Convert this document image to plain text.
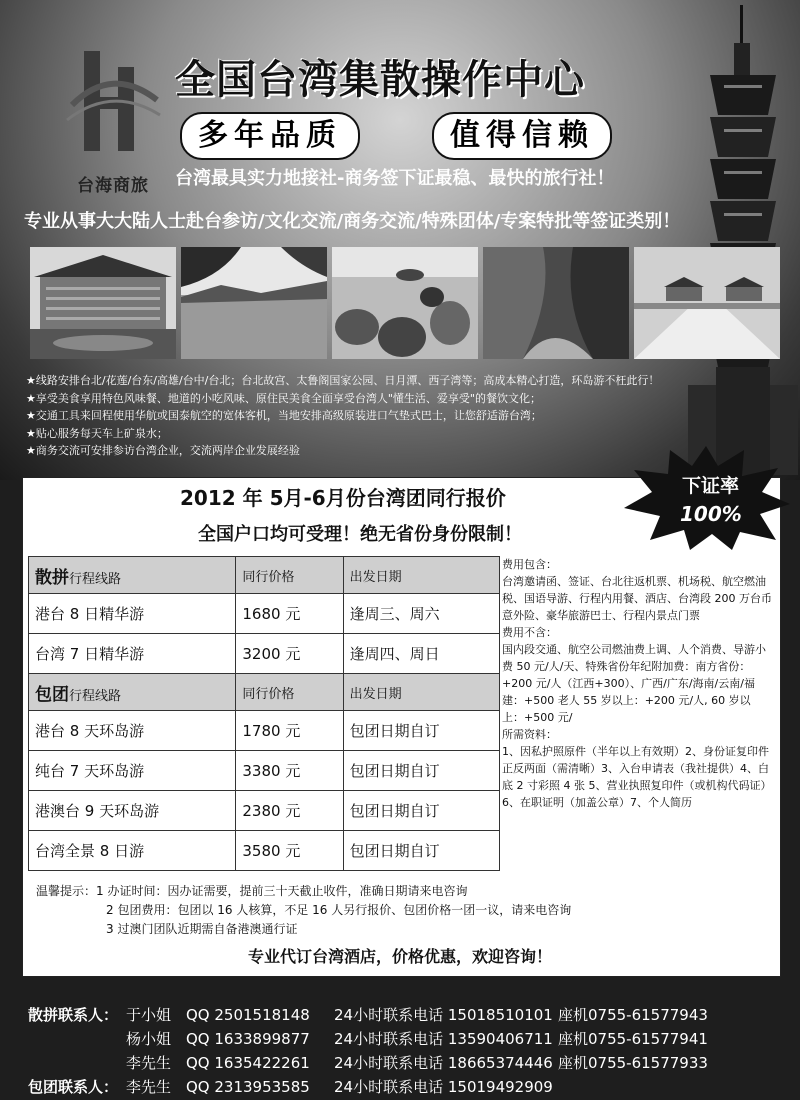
台海商旅
全国台湾集散操作中心
多年品质	值得信赖
台湾最具实力地接社-商务签下证最稳、最快的旅行社！
专业从事大大陆人士赴台参访/文化交流/商务交流/特殊团体/专案特批等签证类别！
★线路安排台北/花莲/台东/高雄/台中/台北；台北故宫、太鲁阁国家公园、日月潭、西子湾等；高成本精心打造，环岛游不枉此行！
★享受美食享用特色风味餐、地道的小吃风味、原住民美食全面享受台湾人"懂生活、爱享受"的餐饮文化；
★交通工具来回程使用华航或国泰航空的宽体客机，当地安排高级原装进口气垫式巴士，让您舒适游台湾；
★贴心服务每天车上矿泉水；
★商务交流可安排参访台湾企业，交流两岸企业发展经验
下证率
100%
2012 年 5月-6月份台湾团同行报价
全国户口均可受理！绝无省份身份限制！
散拼行程线路	同行价格	出发日期
港台 8 日精华游	1680 元	逢周三、周六
台湾 7 日精华游	3200 元	逢周四、周日
包团行程线路	同行价格	出发日期
港台 8 天环岛游	1780 元	包团日期自订
纯台 7 天环岛游	3380 元	包团日期自订
港澳台 9 天环岛游	2380 元	包团日期自订
台湾全景 8 日游	3580 元	包团日期自订

费用包含：

台湾邀请函、签证、台北往返机票、机场税、航空燃油税、国语导游、行程内用餐、酒店、台湾段 200 万台币意外险、豪华旅游巴士、行程内景点门票

费用不含：

国内段交通、航空公司燃油费上调、人个消费、导游小费 50 元/人/天、特殊省份年纪附加费：南方省份：+200 元/人（江西+300）、广西/广东/海南/云南/福建：+500 老人 55 岁以上：+200 元/人, 60 岁以上：+500 元/

所需资料：

1、因私护照原件（半年以上有效期）2、身份证复印件正反两面（需清晰）3、入台申请表（我社提供）4、白底 2 寸彩照 4 张 5、营业执照复印件（或机构代码证）6、在职证明（加盖公章）7、个人简历

温馨提示：1 办证时间：因办证需要，提前三十天截止收件，准确日期请来电咨询
2 包团费用：包团以 16 人核算，不足 16 人另行报价、包团价格一团一议，请来电咨询
3 过澳门团队近期需自备港澳通行证
专业代订台湾酒店，价格优惠，欢迎咨询！
散拼联系人： 于小姐 QQ 2501518148 24小时联系电话 15018510101 座机0755-61577943
杨小姐 QQ 1633899877 24小时联系电话 13590406711 座机0755-61577941
李先生 QQ 1635422261 24小时联系电话 18665374446 座机0755-61577933
包团联系人： 李先生 QQ 2313953585 24小时联系电话 15019492909
